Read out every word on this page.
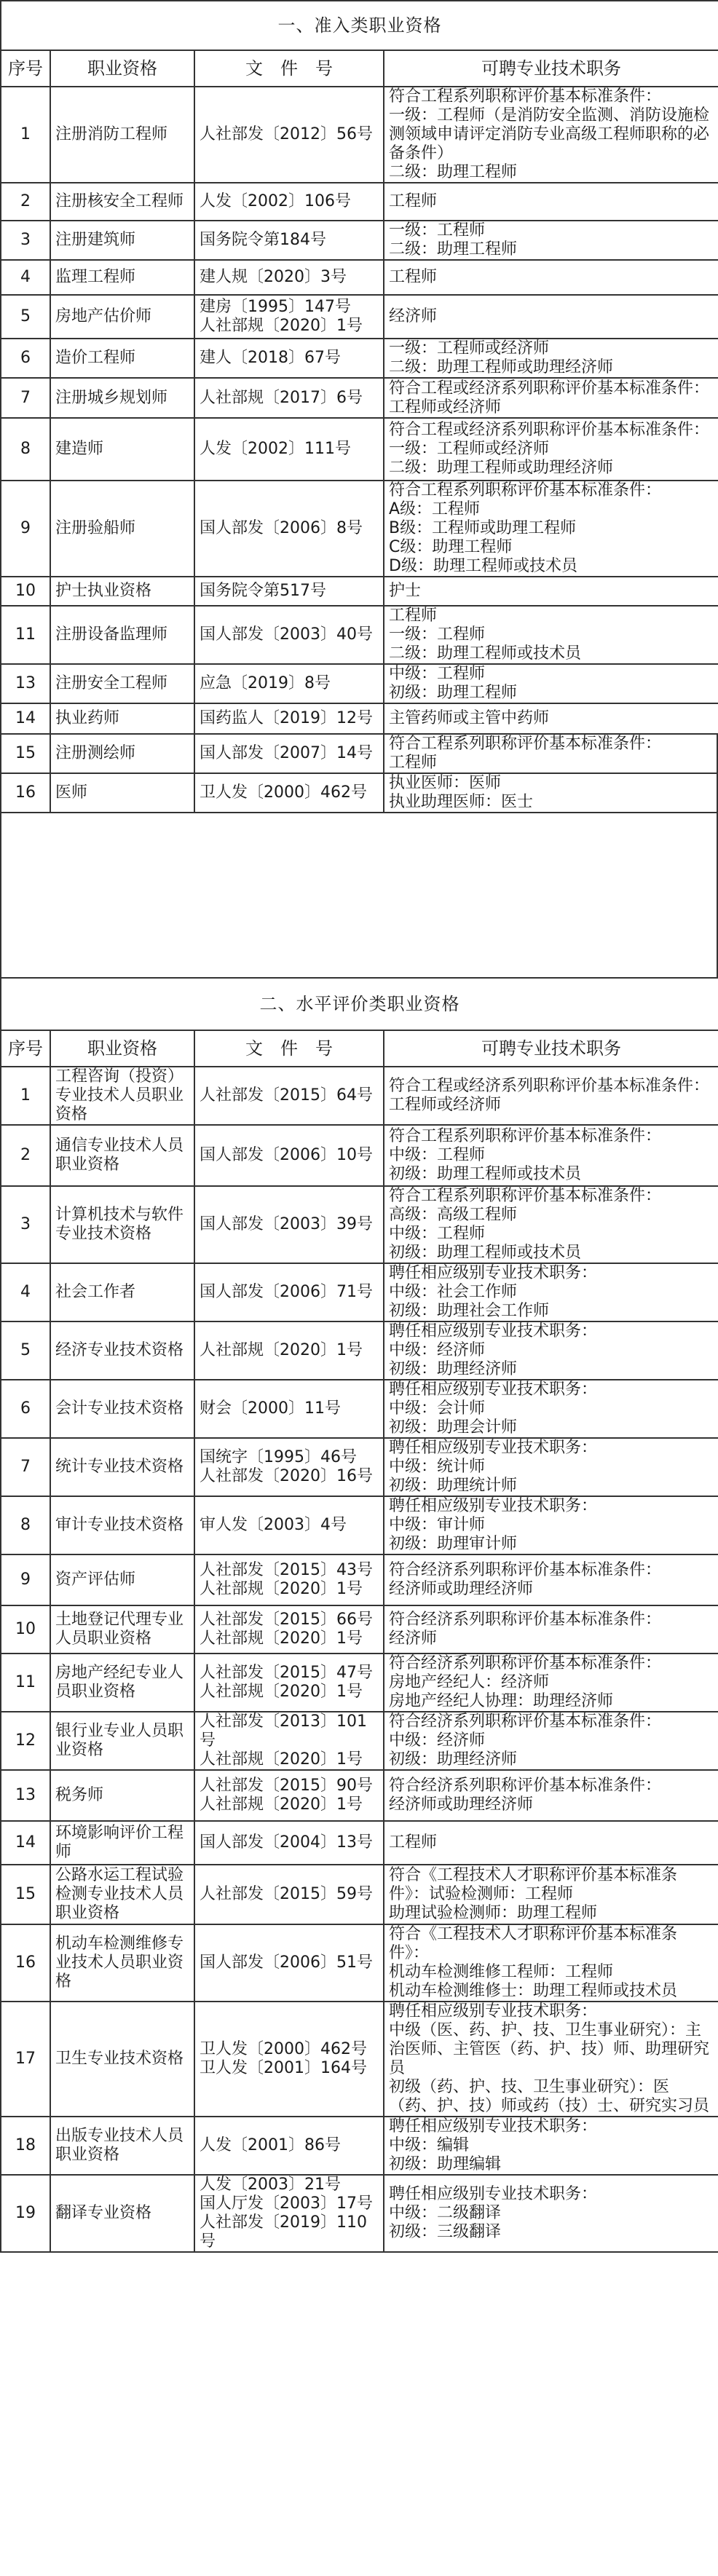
一、准入类职业资格			
序号	职业资格	文　件　号	可聘专业技术职务
1	注册消防工程师	人社部发〔2012〕56号	符合工程系列职称评价基本标准条件：
一级：工程师（是消防安全监测、消防设施检测领域申请评定消防专业高级工程师职称的必备条件）
二级：助理工程师
2	注册核安全工程师	人发〔2002〕106号	工程师
3	注册建筑师	国务院令第184号	一级：工程师
二级：助理工程师
4	监理工程师	建人规〔2020〕3号	工程师
5	房地产估价师	建房〔1995〕147号
人社部规〔2020〕1号	经济师
6	造价工程师	建人〔2018〕67号	一级：工程师或经济师
二级：助理工程师或助理经济师
7	注册城乡规划师	人社部规〔2017〕6号	符合工程或经济系列职称评价基本标准条件：
工程师或经济师
8	建造师	人发〔2002〕111号	符合工程或经济系列职称评价基本标准条件：
一级：工程师或经济师
二级：助理工程师或助理经济师
9	注册验船师	国人部发〔2006〕8号	符合工程系列职称评价基本标准条件：
A级：工程师
B级：工程师或助理工程师
C级：助理工程师
D级：助理工程师或技术员
10	护士执业资格	国务院令第517号	护士
11	注册设备监理师	国人部发〔2003〕40号	工程师
一级：工程师
二级：助理工程师或技术员
13	注册安全工程师	应急〔2019〕8号	中级：工程师
初级：助理工程师
14	执业药师	国药监人〔2019〕12号	主管药师或主管中药师
15	注册测绘师	国人部发〔2007〕14号	符合工程系列职称评价基本标准条件：
工程师
16	医师	卫人发〔2000〕462号	执业医师：医师
执业助理医师：医士
二、水平评价类职业资格			
序号	职业资格	文　件　号	可聘专业技术职务
1	工程咨询（投资）专业技术人员职业资格	人社部发〔2015〕64号	符合工程或经济系列职称评价基本标准条件：工程师或经济师
2	通信专业技术人员职业资格	国人部发〔2006〕10号	符合工程系列职称评价基本标准条件：
中级：工程师
初级：助理工程师或技术员
3	计算机技术与软件专业技术资格	国人部发〔2003〕39号	符合工程系列职称评价基本标准条件：
高级：高级工程师
中级：工程师
初级：助理工程师或技术员
4	社会工作者	国人部发〔2006〕71号	聘任相应级别专业技术职务：
中级：社会工作师
初级：助理社会工作师
5	经济专业技术资格	人社部规〔2020〕1号	聘任相应级别专业技术职务：
中级：经济师
初级：助理经济师
6	会计专业技术资格	财会〔2000〕11号	聘任相应级别专业技术职务：
中级：会计师
初级：助理会计师
7	统计专业技术资格	国统字〔1995〕46号
人社部发〔2020〕16号	聘任相应级别专业技术职务：
中级：统计师
初级：助理统计师
8	审计专业技术资格	审人发〔2003〕4号	聘任相应级别专业技术职务：
中级：审计师
初级：助理审计师
9	资产评估师	人社部发〔2015〕43号
人社部规〔2020〕1号	符合经济系列职称评价基本标准条件：
经济师或助理经济师
10	土地登记代理专业人员职业资格	人社部发〔2015〕66号
人社部规〔2020〕1号	符合经济系列职称评价基本标准条件：
经济师
11	房地产经纪专业人员职业资格	人社部发〔2015〕47号
人社部规〔2020〕1号	符合经济系列职称评价基本标准条件：
房地产经纪人：经济师
房地产经纪人协理：助理经济师
12	银行业专业人员职业资格	人社部发〔2013〕101号
人社部规〔2020〕1号	符合经济系列职称评价基本标准条件：
中级：经济师
初级：助理经济师
13	税务师	人社部发〔2015〕90号
人社部规〔2020〕1号	符合经济系列职称评价基本标准条件：
经济师或助理经济师
14	环境影响评价工程师	国人部发〔2004〕13号	工程师
15	公路水运工程试验检测专业技术人员职业资格	人社部发〔2015〕59号	符合《工程技术人才职称评价基本标准条件》：试验检测师：工程师
助理试验检测师：助理工程师
16	机动车检测维修专业技术人员职业资格	国人部发〔2006〕51号	符合《工程技术人才职称评价基本标准条件》：
机动车检测维修工程师：工程师
机动车检测维修士：助理工程师或技术员
17	卫生专业技术资格	卫人发〔2000〕462号
卫人发〔2001〕164号	聘任相应级别专业技术职务：
中级（医、药、护、技、卫生事业研究）：主治医师、主管医（药、护、技）师、助理研究员
初级（药、护、技、卫生事业研究）：医（药、护、技）师或药（技）士、研究实习员
18	出版专业技术人员职业资格	人发〔2001〕86号	聘任相应级别专业技术职务：
中级：编辑
初级：助理编辑
19	翻译专业资格	人发〔2003〕21号
国人厅发〔2003〕17号
人社部发〔2019〕110号	聘任相应级别专业技术职务：
中级：二级翻译
初级：三级翻译
